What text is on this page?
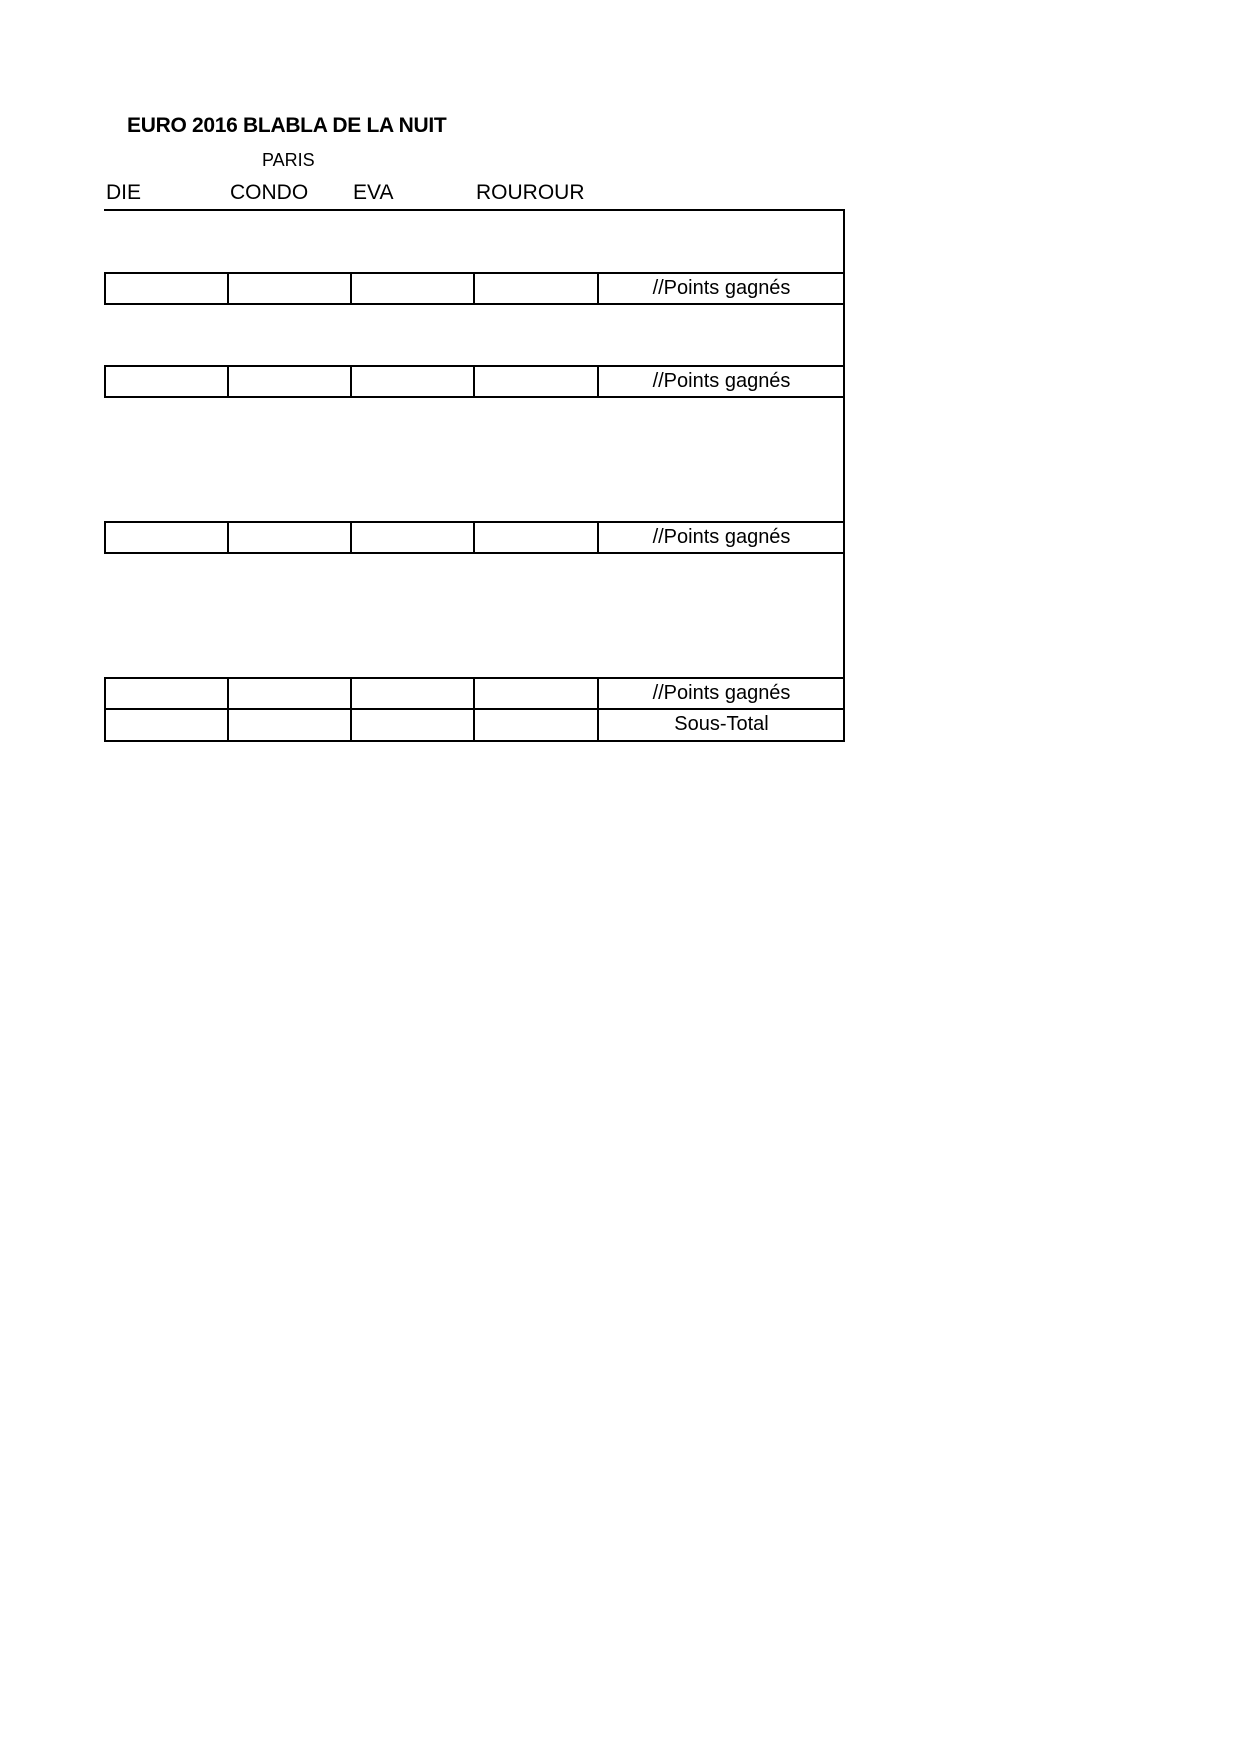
EURO 2016 BLABLA DE LA NUIT
PARIS
DIE	CONDO EVA	ROUROUR
//Points gagnés
//Points gagnés
//Points gagnés
//Points gagnés
Sous-Total
